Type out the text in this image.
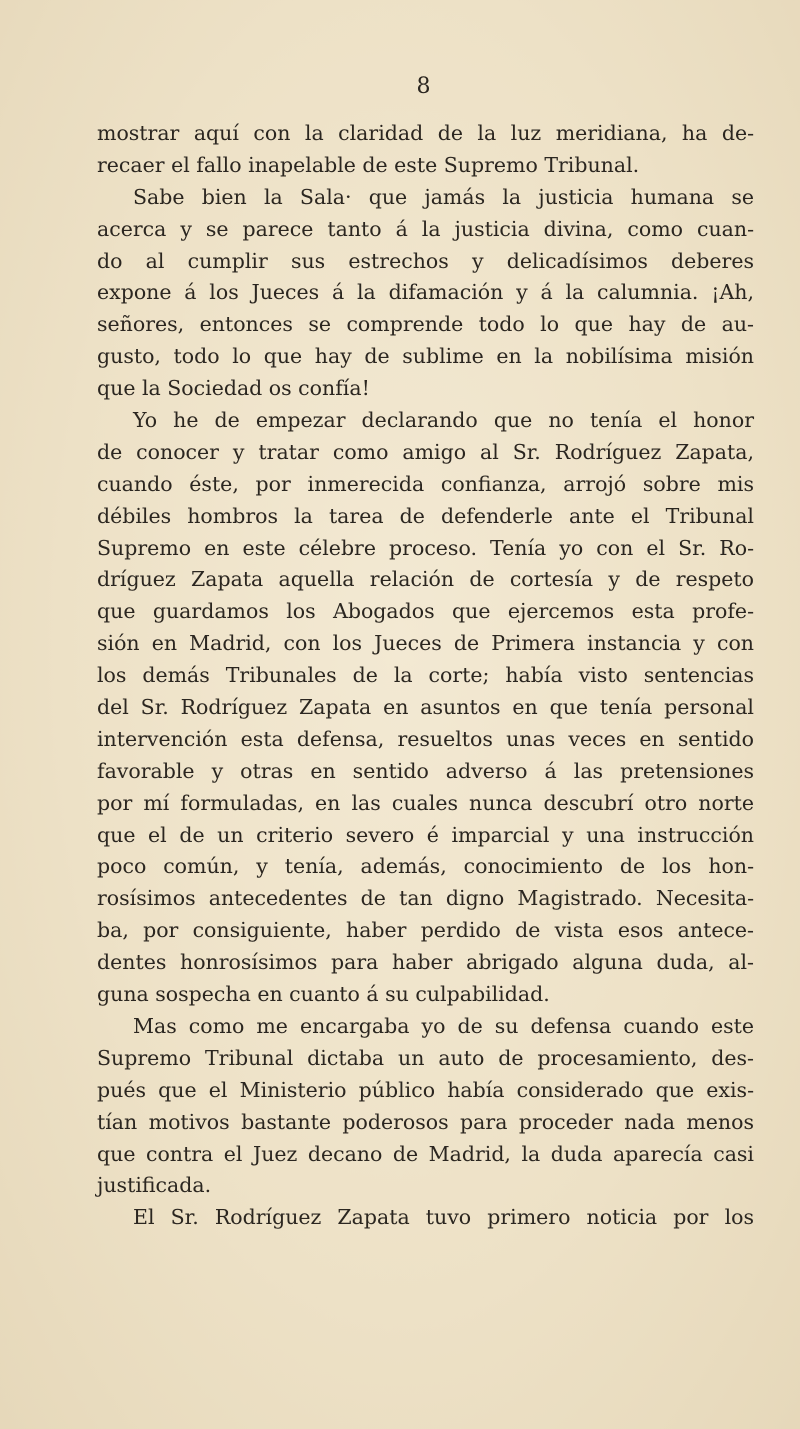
8
mostrar aquí con la claridad de la luz meridiana, ha de-
recaer el fallo inapelable de este Supremo Tribunal.
Sabe bien la Sala· que jamás la justicia humana se
acerca y se parece tanto á la justicia divina, como cuan-
do al cumplir sus estrechos y delicadísimos deberes
expone á los Jueces á la difamación y á la calumnia. ¡Ah,
señores, entonces se comprende todo lo que hay de au-
gusto, todo lo que hay de sublime en la nobilísima misión
que la Sociedad os confía!
Yo he de empezar declarando que no tenía el honor
de conocer y tratar como amigo al Sr. Rodríguez Zapata,
cuando éste, por inmerecida confianza, arrojó sobre mis
débiles hombros la tarea de defenderle ante el Tribunal
Supremo en este célebre proceso. Tenía yo con el Sr. Ro-
dríguez Zapata aquella relación de cortesía y de respeto
que guardamos los Abogados que ejercemos esta profe-
sión en Madrid, con los Jueces de Primera instancia y con
los demás Tribunales de la corte; había visto sentencias
del Sr. Rodríguez Zapata en asuntos en que tenía personal
intervención esta defensa, resueltos unas veces en sentido
favorable y otras en sentido adverso á las pretensiones
por mí formuladas, en las cuales nunca descubrí otro norte
que el de un criterio severo é imparcial y una instrucción
poco común, y tenía, además, conocimiento de los hon-
rosísimos antecedentes de tan digno Magistrado. Necesita-
ba, por consiguiente, haber perdido de vista esos antece-
dentes honrosísimos para haber abrigado alguna duda, al-
guna sospecha en cuanto á su culpabilidad.
Mas como me encargaba yo de su defensa cuando este
Supremo Tribunal dictaba un auto de procesamiento, des-
pués que el Ministerio público había considerado que exis-
tían motivos bastante poderosos para proceder nada menos
que contra el Juez decano de Madrid, la duda aparecía casi
justificada.
El Sr. Rodríguez Zapata tuvo primero noticia por los
